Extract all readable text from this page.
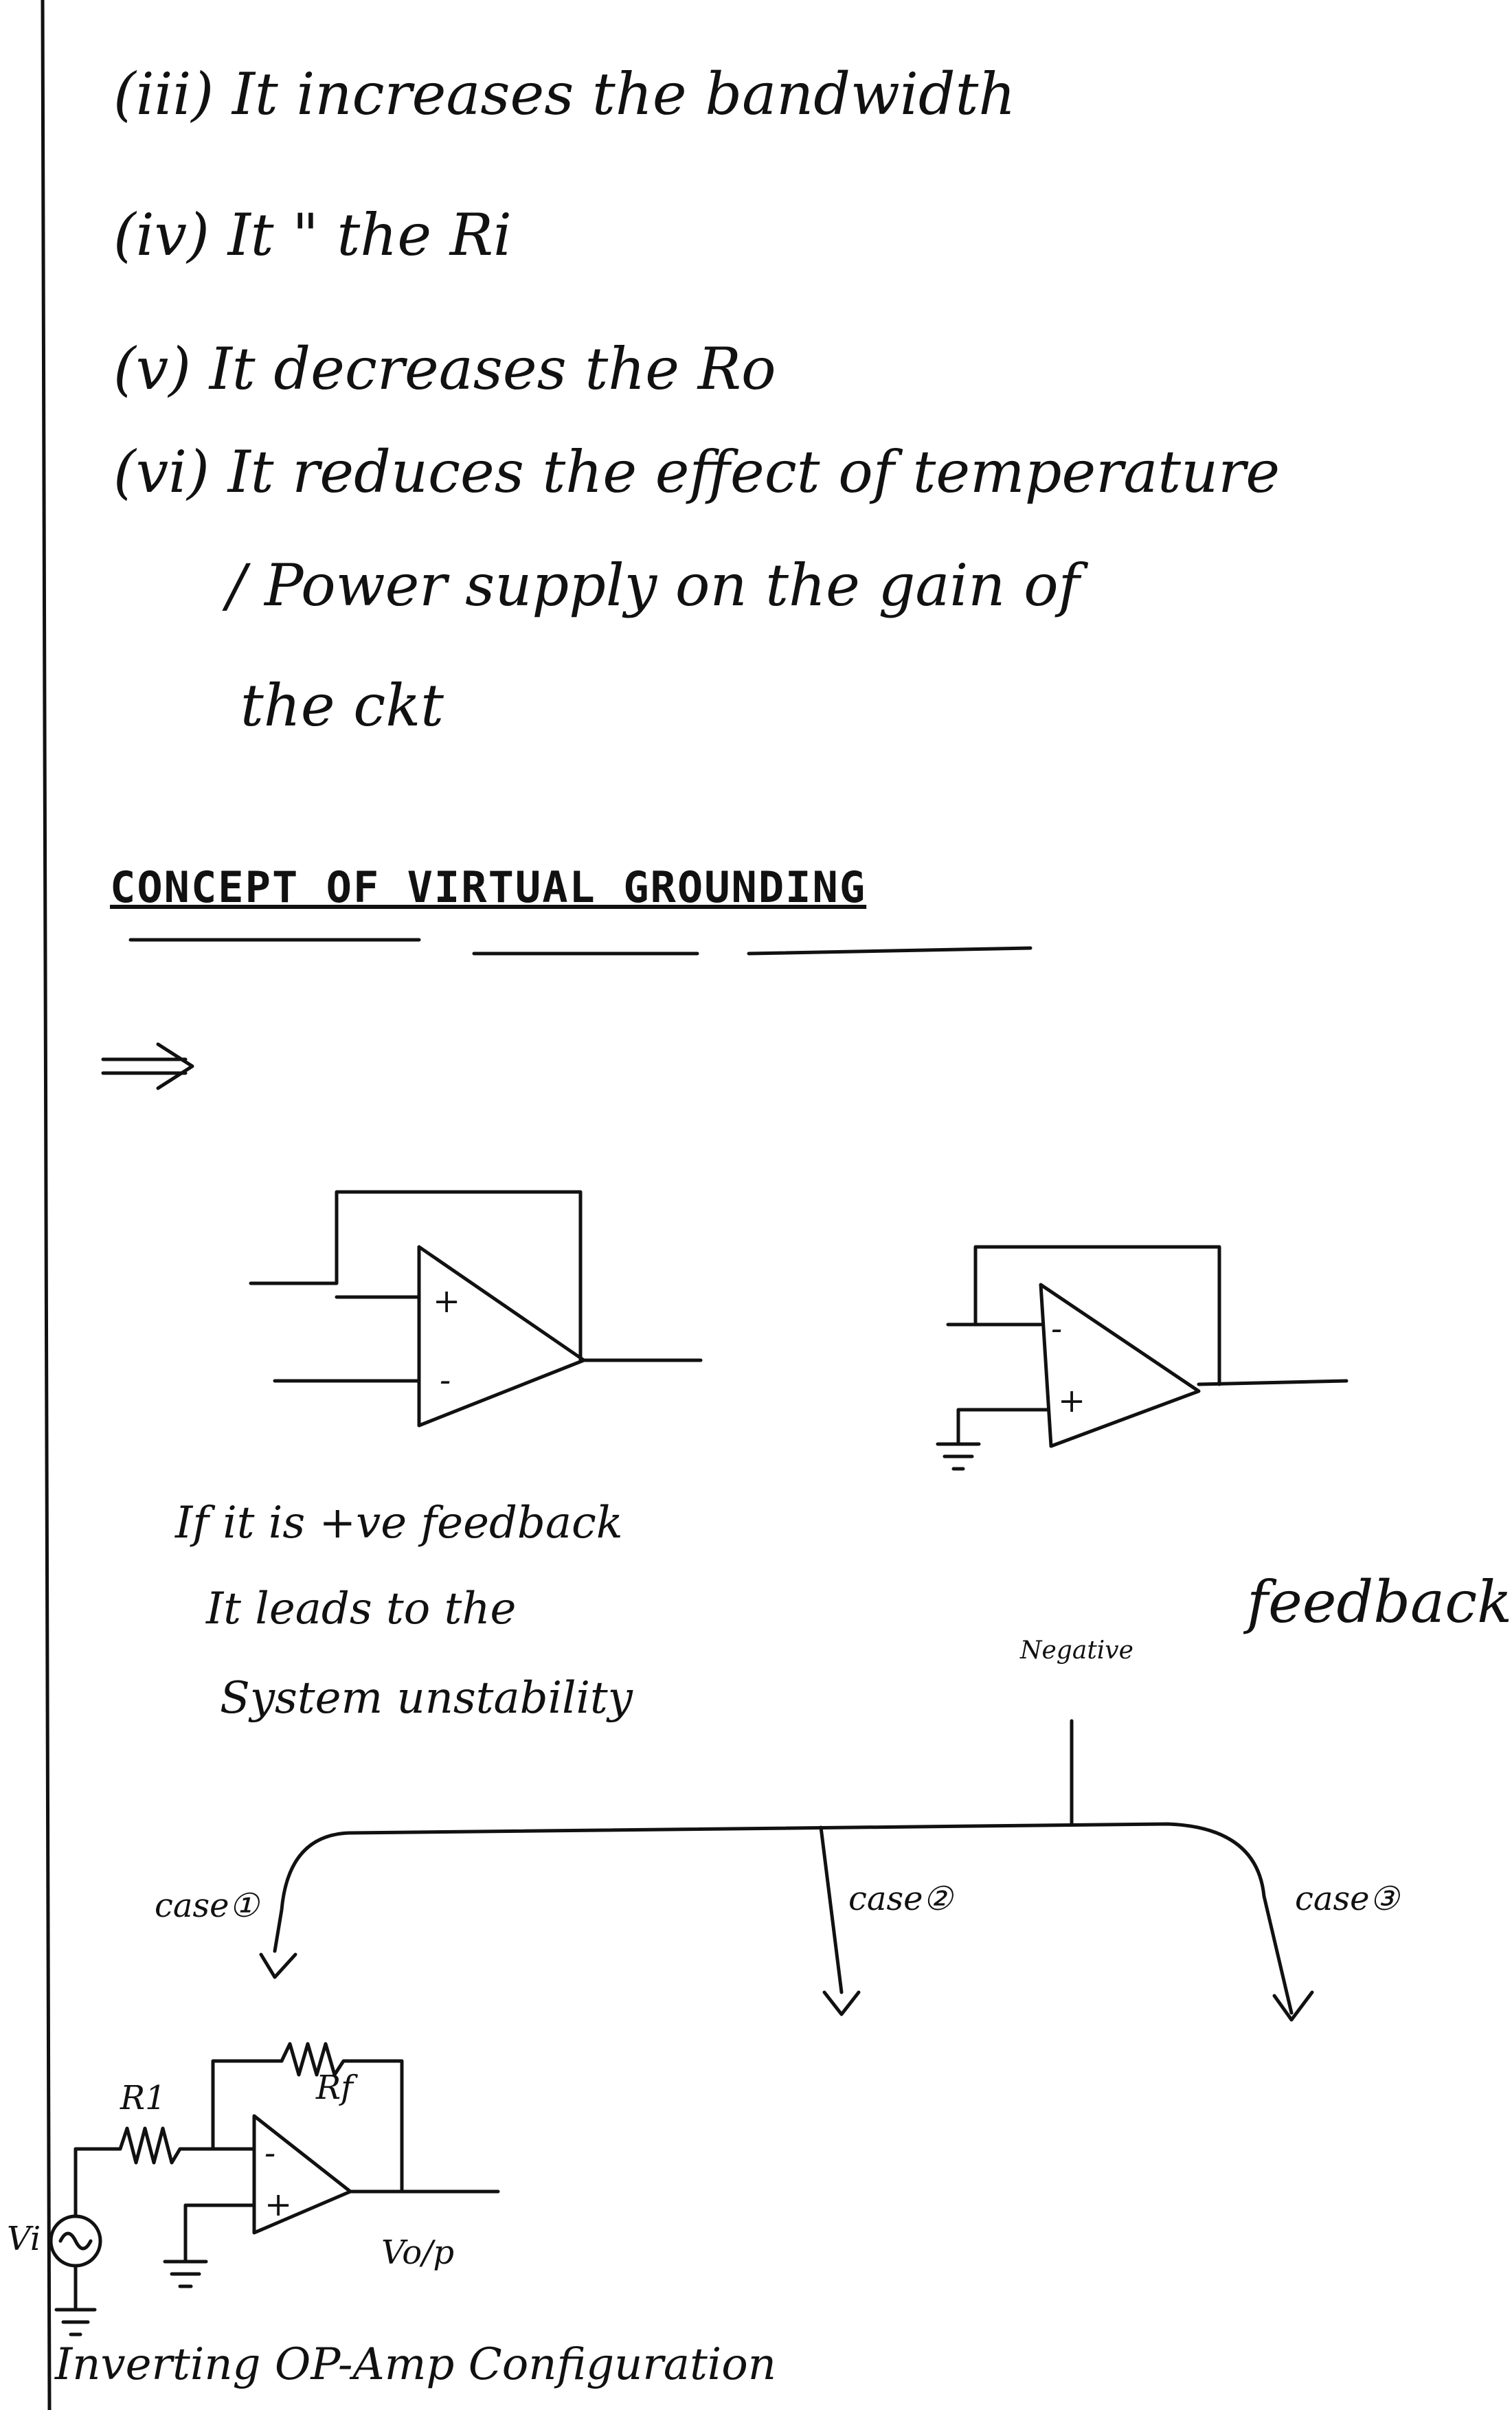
(iii) It increases the bandwidth
(iv) It " the Ri
(v) It decreases the Ro
(vi) It reduces the effect of temperature
/ Power supply on the gain of
the ckt
CONCEPT OF VIRTUAL GROUNDING
+
-
-
+
If it is +ve feedback
It leads to the
System unstability
Negative
feedback
case①	case②	case③
R1	Rf
Vi	Vo/p
-
+
Inverting OP-Amp Configuration
⟹
